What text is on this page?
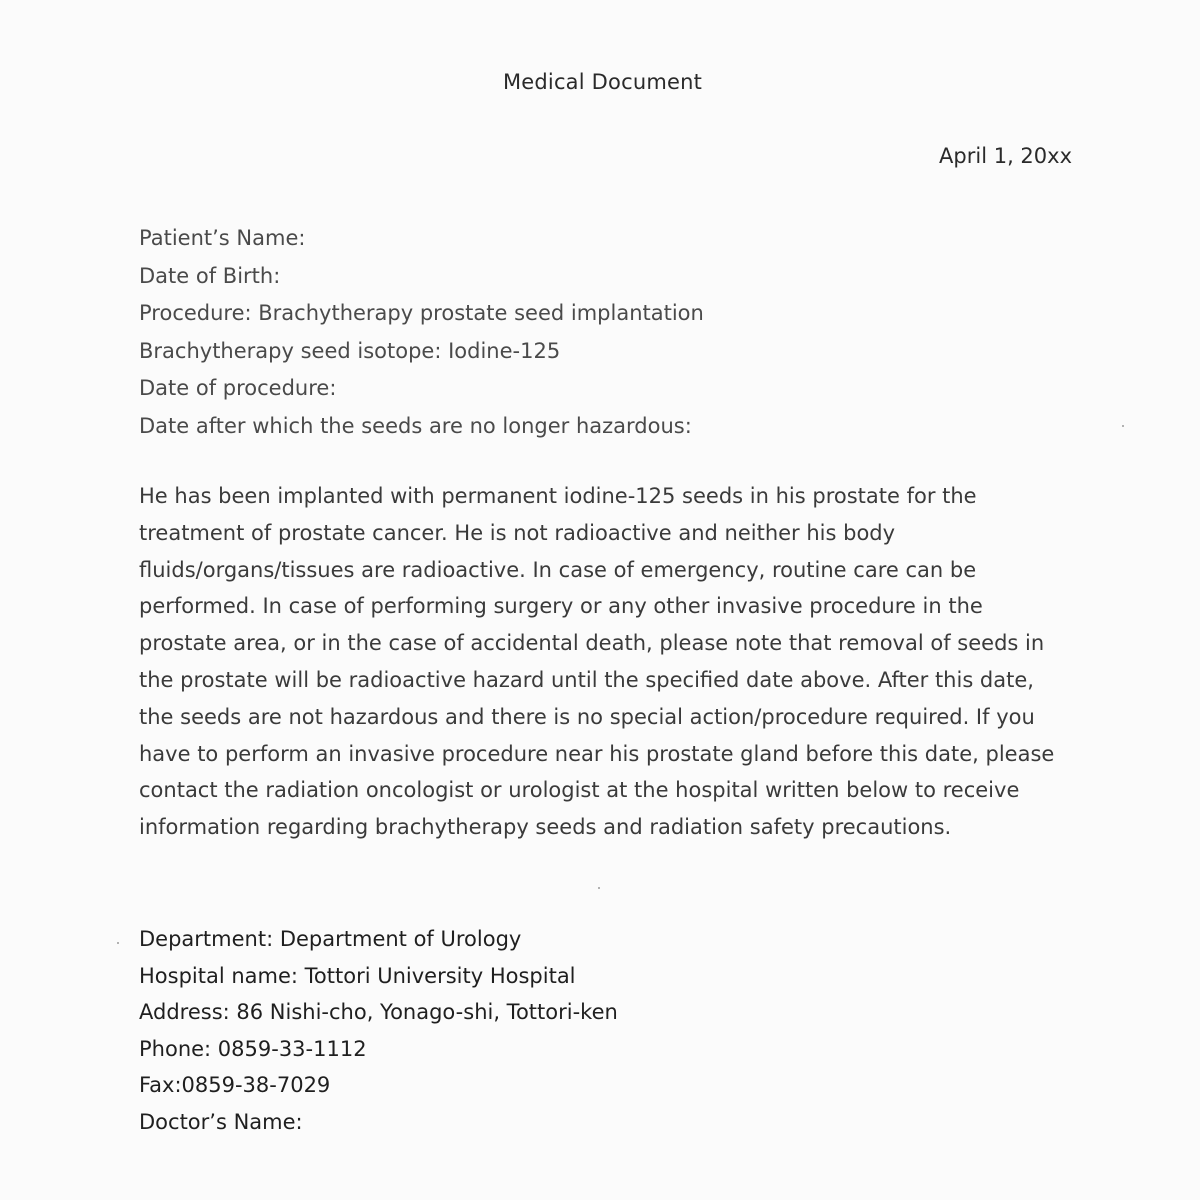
Medical Document
April 1, 20xx
Patient’s Name:
Date of Birth:
Procedure: Brachytherapy prostate seed implantation
Brachytherapy seed isotope: Iodine-125
Date of procedure:
Date after which the seeds are no longer hazardous:

He has been implanted with permanent iodine-125 seeds in his prostate for the treatment of prostate cancer. He is not radioactive and neither his body fluids/organs/tissues are radioactive. In case of emergency, routine care can be performed. In case of performing surgery or any other invasive procedure in the prostate area, or in the case of accidental death, please note that removal of seeds in the prostate will be radioactive hazard until the specified date above. After this date, the seeds are not hazardous and there is no special action/procedure required. If you have to perform an invasive procedure near his prostate gland before this date, please contact the radiation oncologist or urologist at the hospital written below to receive information regarding brachytherapy seeds and radiation safety precautions.

Department: Department of Urology
Hospital name: Tottori University Hospital
Address: 86 Nishi-cho, Yonago-shi, Tottori-ken
Phone: 0859-33-1112
Fax:0859-38-7029
Doctor’s Name:
